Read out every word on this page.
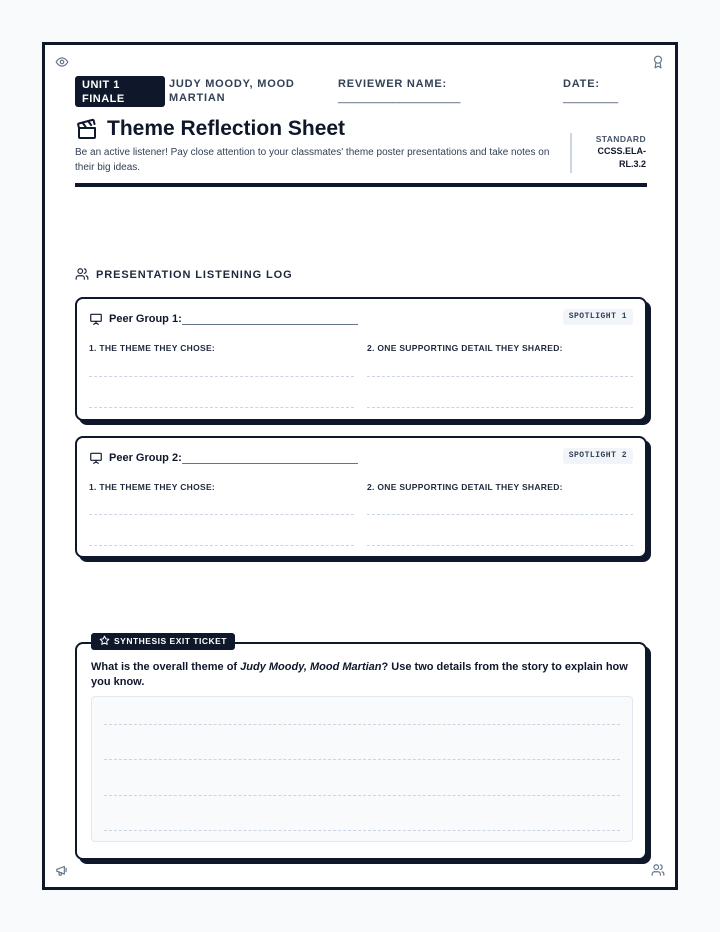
UNIT 1 FINALE
JUDY MOODY, MOOD MARTIAN
REVIEWER NAME:
____________________
DATE:
_________
Theme Reflection Sheet
Be an active listener! Pay close attention to your classmates' theme poster presentations and take notes on their big ideas.
STANDARD
CCSS.ELA-RL.3.2
PRESENTATION LISTENING LOG
Peer Group 1:	SPOTLIGHT 1
1. THE THEME THEY CHOSE:	2. ONE SUPPORTING DETAIL THEY SHARED:
Peer Group 2:	SPOTLIGHT 2
1. THE THEME THEY CHOSE:	2. ONE SUPPORTING DETAIL THEY SHARED:
What is the overall theme of Judy Moody, Mood Martian? Use two details from the story to explain how you know.
SYNTHESIS EXIT TICKET
